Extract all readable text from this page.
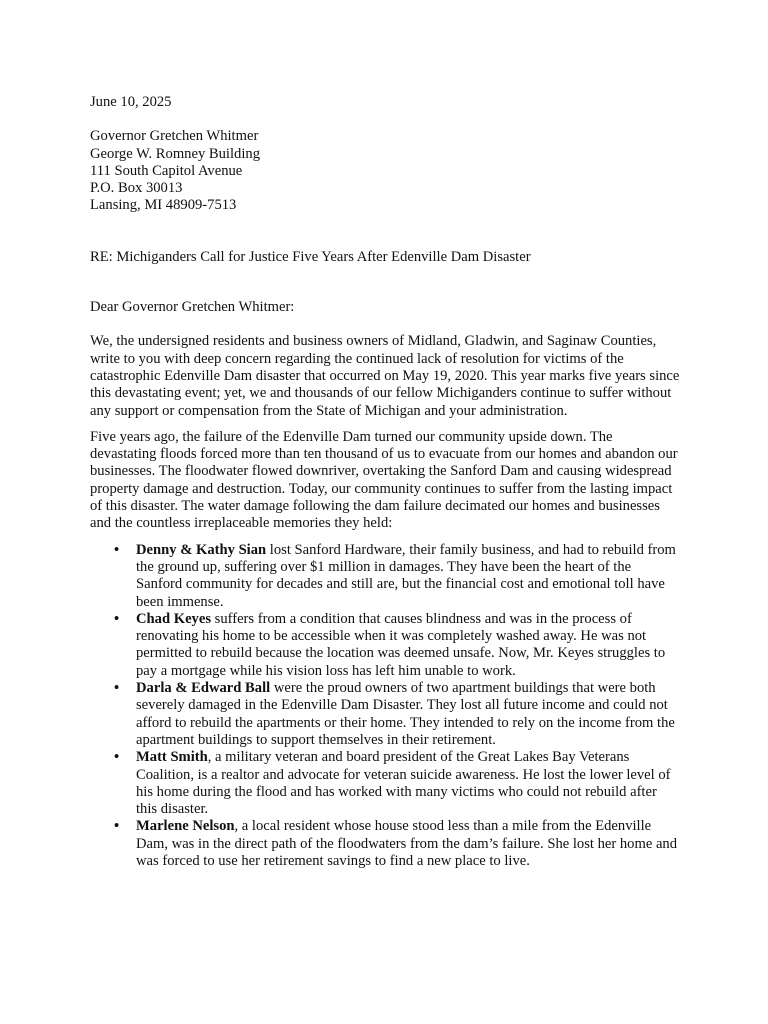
June 10, 2025

Governor Gretchen Whitmer

George W. Romney Building

111 South Capitol Avenue

P.O. Box 30013

Lansing, MI 48909-7513

RE: Michiganders Call for Justice Five Years After Edenville Dam Disaster

Dear Governor Gretchen Whitmer:

We, the undersigned residents and business owners of Midland, Gladwin, and Saginaw Counties, write to you with deep concern regarding the continued lack of resolution for victims of the catastrophic Edenville Dam disaster that occurred on May 19, 2020. This year marks five years since this devastating event; yet, we and thousands of our fellow Michiganders continue to suffer without any support or compensation from the State of Michigan and your administration.

Five years ago, the failure of the Edenville Dam turned our community upside down. The devastating floods forced more than ten thousand of us to evacuate from our homes and abandon our businesses. The floodwater flowed downriver, overtaking the Sanford Dam and causing widespread property damage and destruction. Today, our community continues to suffer from the lasting impact of this disaster. The water damage following the dam failure decimated our homes and businesses and the countless irreplaceable memories they held:

• Denny & Kathy Sian lost Sanford Hardware, their family business, and had to rebuild from the ground up, suffering over $1 million in damages. They have been the heart of the Sanford community for decades and still are, but the financial cost and emotional toll have been immense.
• Chad Keyes suffers from a condition that causes blindness and was in the process of renovating his home to be accessible when it was completely washed away. He was not permitted to rebuild because the location was deemed unsafe. Now, Mr. Keyes struggles to pay a mortgage while his vision loss has left him unable to work.
• Darla & Edward Ball were the proud owners of two apartment buildings that were both severely damaged in the Edenville Dam Disaster. They lost all future income and could not afford to rebuild the apartments or their home. They intended to rely on the income from the apartment buildings to support themselves in their retirement.
• Matt Smith, a military veteran and board president of the Great Lakes Bay Veterans Coalition, is a realtor and advocate for veteran suicide awareness. He lost the lower level of his home during the flood and has worked with many victims who could not rebuild after this disaster.
• Marlene Nelson, a local resident whose house stood less than a mile from the Edenville Dam, was in the direct path of the floodwaters from the dam’s failure. She lost her home and was forced to use her retirement savings to find a new place to live.
